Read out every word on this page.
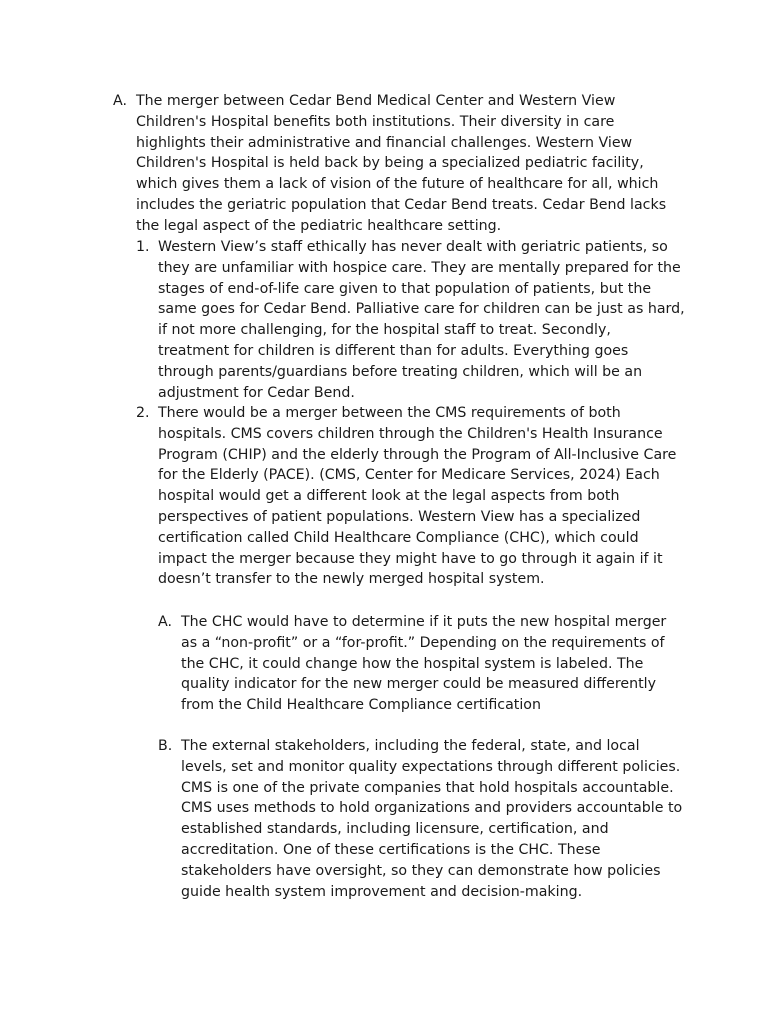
A. The merger between Cedar Bend Medical Center and Western View Children's Hospital benefits both institutions. Their diversity in care highlights their administrative and financial challenges. Western View Children's Hospital is held back by being a specialized pediatric facility, which gives them a lack of vision of the future of healthcare for all, which includes the geriatric population that Cedar Bend treats. Cedar Bend lacks the legal aspect of the pediatric healthcare setting.

1. Western View’s staff ethically has never dealt with geriatric patients, so they are unfamiliar with hospice care. They are mentally prepared for the stages of end-of-life care given to that population of patients, but the same goes for Cedar Bend. Palliative care for children can be just as hard, if not more challenging, for the hospital staff to treat. Secondly, treatment for children is different than for adults. Everything goes through parents/guardians before treating children, which will be an adjustment for Cedar Bend.

2. There would be a merger between the CMS requirements of both hospitals. CMS covers children through the Children's Health Insurance Program (CHIP) and the elderly through the Program of All-Inclusive Care for the Elderly (PACE). (CMS, Center for Medicare Services, 2024) Each hospital would get a different look at the legal aspects from both perspectives of patient populations. Western View has a specialized certification called Child Healthcare Compliance (CHC), which could impact the merger because they might have to go through it again if it doesn’t transfer to the newly merged hospital system.

A. The CHC would have to determine if it puts the new hospital merger as a “non-profit” or a “for-profit.” Depending on the requirements of the CHC, it could change how the hospital system is labeled. The quality indicator for the new merger could be measured differently from the Child Healthcare Compliance certification

B. The external stakeholders, including the federal, state, and local levels, set and monitor quality expectations through different policies. CMS is one of the private companies that hold hospitals accountable. CMS uses methods to hold organizations and providers accountable to established standards, including licensure, certification, and accreditation. One of these certifications is the CHC. These stakeholders have oversight, so they can demonstrate how policies guide health system improvement and decision-making.
